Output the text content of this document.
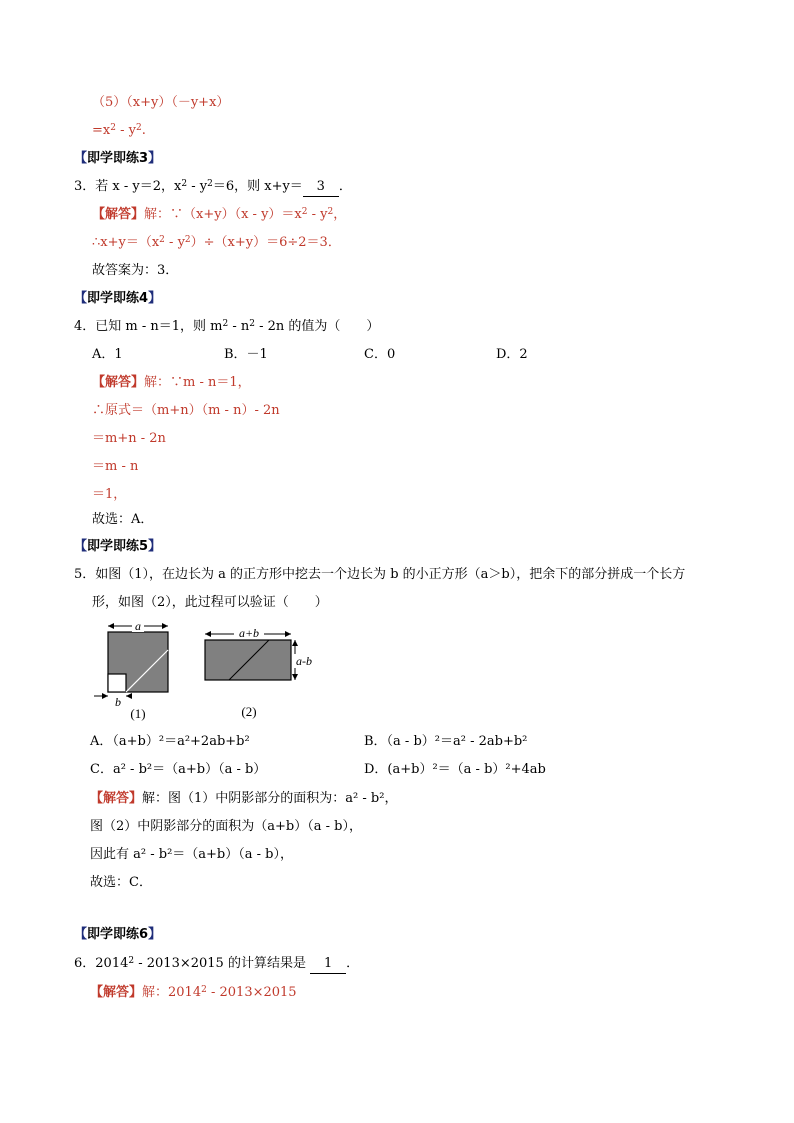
（5）（x+y）（－y+x）
$=x^2 - y^2$.
【即学即练3】
3．若 x - y＝2，$x^2 - y^2=6$，则 x+y＝ 3 ．
【解答】解：∵（x+y）（x - $y)=x^2 - y^2$，
$\therefore x+y=(x^2 - y^2)\div(x+y)=6\div 2=3$．
故答案为：3．
【即学即练4】
4．已知 m - n＝1，则 $m^2 - n^2 - 2n$ 的值为（　　）
A．1	B．－1	C．0	D．2
【解答】解：∵m - n＝1，
∴原式＝（m+n）（m - n）- 2n
＝m+n - 2n
＝m - n
＝1，
故选：A．
【即学即练5】
5．如图（1），在边长为 a 的正方形中挖去一个边长为 b 的小正方形（a＞b），把余下的部分拼成一个长方
形，如图（2），此过程可以验证（　　）
a
b
(1)
a+b
a-b
(2)
A．（a+b）²＝a²+2ab+b²	B．（a - b）²＝a² - 2ab+b²
C．a² - b²＝（a+b）（a - b）	D．(a+b）²＝（a - b）²+4ab
【解答】解：图（1）中阴影部分的面积为：a² - b²，
图（2）中阴影部分的面积为（a+b）（a - b），
因此有 a² - b²＝（a+b）（a - b），
故选：C．
【即学即练6】
6．2014$^2$ - 2013×2015 的计算结果是 1 ．
【解答】解：2014$^2$ - 2013×2015
